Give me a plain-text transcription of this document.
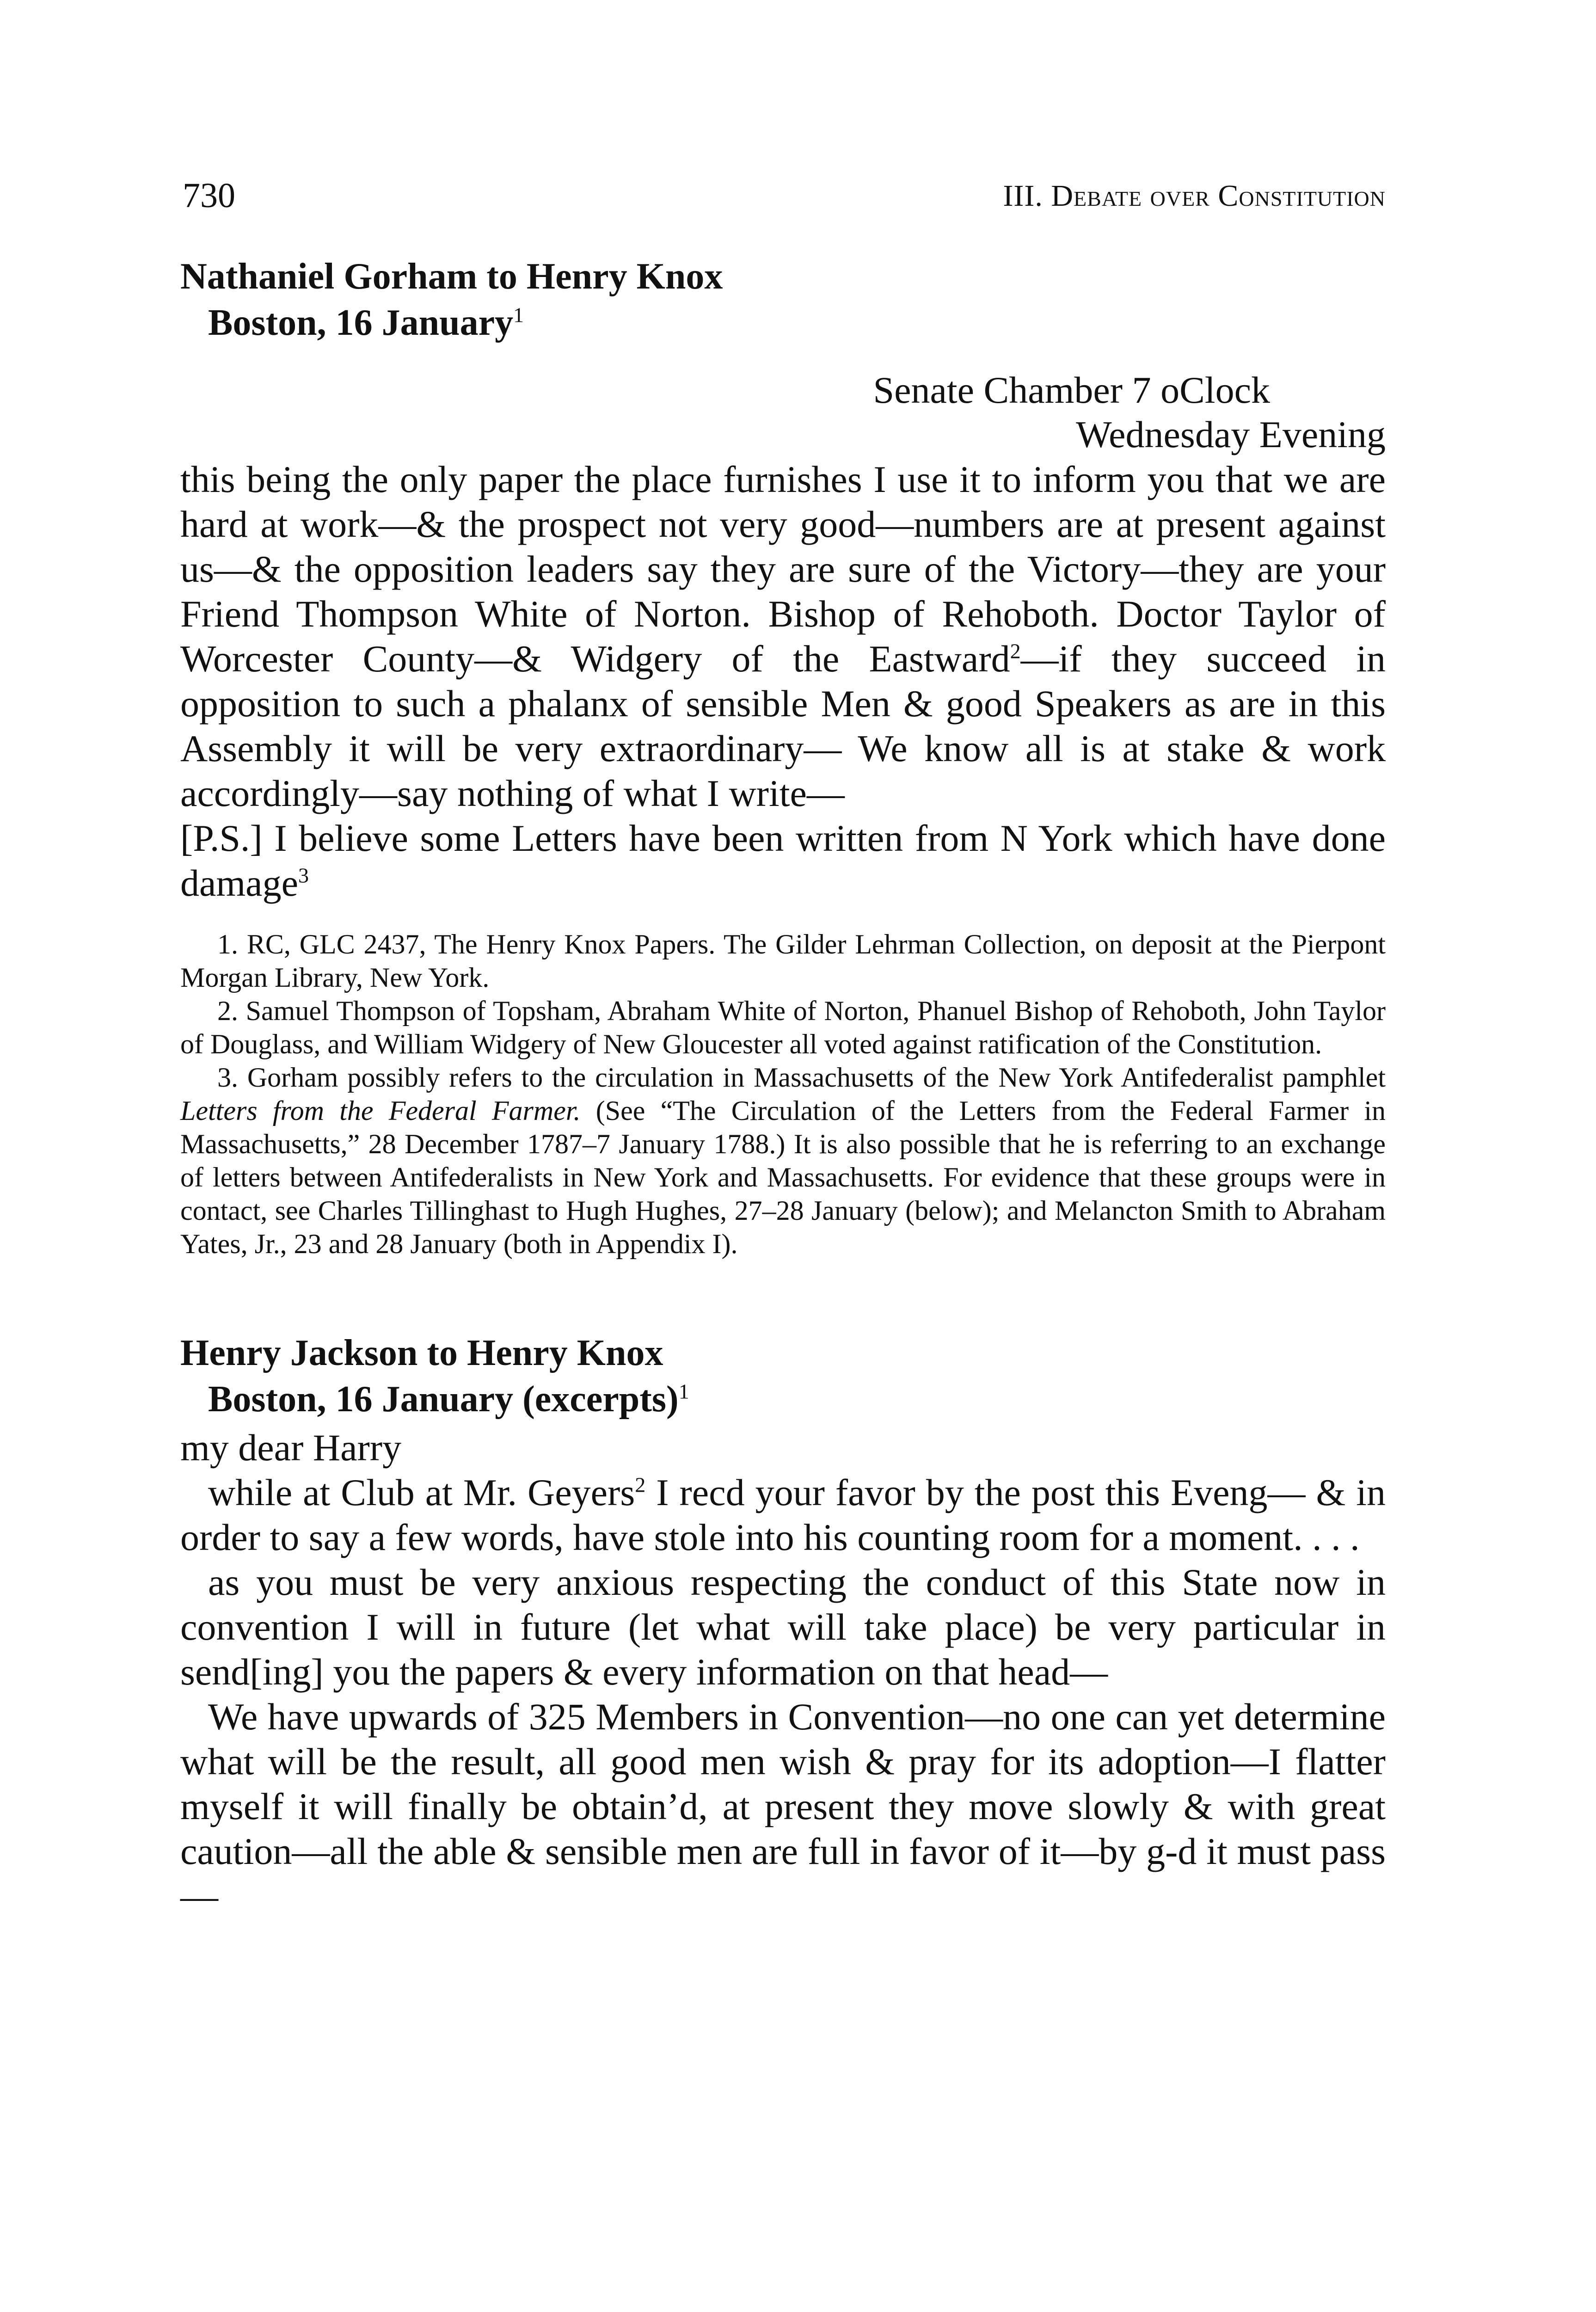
730	III. Debate over Constitution
Nathaniel Gorham to Henry Knox
Boston, 16 January$^1$
Senate Chamber 7 oClock
Wednesday Evening

this being the only paper the place furnishes I use it to inform you that we are hard at work—& the prospect not very good—numbers are at present against us—& the opposition leaders say they are sure of the Victory—they are your Friend Thompson White of Norton. Bishop of Rehoboth. Doctor Taylor of Worcester County—& Widgery of the Eastward$^2$—if they succeed in opposition to such a phalanx of sensible Men & good Speakers as are in this Assembly it will be very extraordinary— We know all is at stake & work accordingly—say nothing of what I write—

[P.S.] I believe some Letters have been written from N York which have done damage$^3$

1. RC, GLC 2437, The Henry Knox Papers. The Gilder Lehrman Collection, on deposit at the Pierpont Morgan Library, New York.

2. Samuel Thompson of Topsham, Abraham White of Norton, Phanuel Bishop of Rehoboth, John Taylor of Douglass, and William Widgery of New Gloucester all voted against ratification of the Constitution.

3. Gorham possibly refers to the circulation in Massachusetts of the New York Antifederalist pamphlet Letters from the Federal Farmer. (See “The Circulation of the Letters from the Federal Farmer in Massachusetts,” 28 December 1787–7 January 1788.) It is also possible that he is referring to an exchange of letters between Antifederalists in New York and Massachusetts. For evidence that these groups were in contact, see Charles Tillinghast to Hugh Hughes, 27–28 January (below); and Melancton Smith to Abraham Yates, Jr., 23 and 28 January (both in Appendix I).

Henry Jackson to Henry Knox
Boston, 16 January (excerpts)$^1$

my dear Harry

while at Club at Mr. Geyers$^2$ I recd your favor by the post this Eveng— & in order to say a few words, have stole into his counting room for a moment. . . .

as you must be very anxious respecting the conduct of this State now in convention I will in future (let what will take place) be very particular in send[ing] you the papers & every information on that head—

We have upwards of 325 Members in Convention—no one can yet determine what will be the result, all good men wish & pray for its adoption—I flatter myself it will finally be obtain’d, at present they move slowly & with great caution—all the able & sensible men are full in favor of it—by g-d it must pass—
